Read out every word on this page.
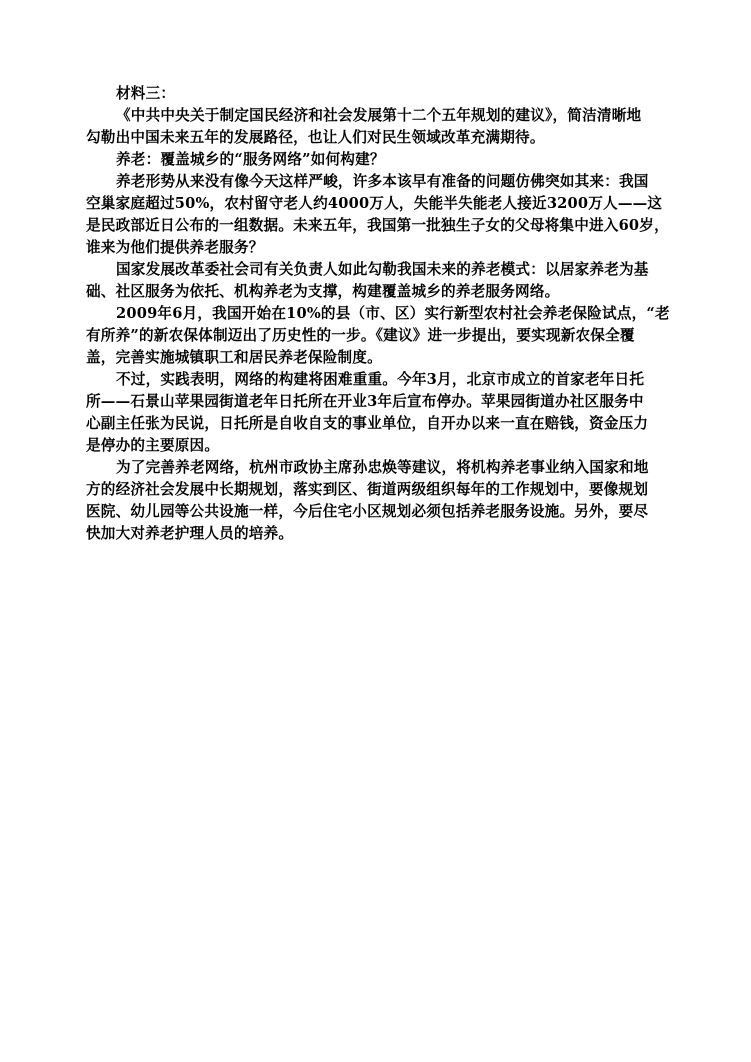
材料三：
《中共中央关于制定国民经济和社会发展第十二个五年规划的建议》，简洁清晰地
勾勒出中国未来五年的发展路径，也让人们对民生领域改革充满期待。
养老：覆盖城乡的“服务网络”如何构建？
养老形势从来没有像今天这样严峻，许多本该早有准备的问题仿佛突如其来：我国
空巢家庭超过50%，农村留守老人约4000万人，失能半失能老人接近3200万人——这
是民政部近日公布的一组数据。未来五年，我国第一批独生子女的父母将集中进入60岁，
谁来为他们提供养老服务？
国家发展改革委社会司有关负责人如此勾勒我国未来的养老模式：以居家养老为基
础、社区服务为依托、机构养老为支撑，构建覆盖城乡的养老服务网络。
2009年6月，我国开始在10%的县（市、区）实行新型农村社会养老保险试点，“老
有所养”的新农保体制迈出了历史性的一步。《建议》进一步提出，要实现新农保全覆
盖，完善实施城镇职工和居民养老保险制度。
不过，实践表明，网络的构建将困难重重。今年3月，北京市成立的首家老年日托
所——石景山苹果园街道老年日托所在开业3年后宣布停办。苹果园街道办社区服务中
心副主任张为民说，日托所是自收自支的事业单位，自开办以来一直在赔钱，资金压力
是停办的主要原因。
为了完善养老网络，杭州市政协主席孙忠焕等建议，将机构养老事业纳入国家和地
方的经济社会发展中长期规划，落实到区、街道两级组织每年的工作规划中，要像规划
医院、幼儿园等公共设施一样，今后住宅小区规划必须包括养老服务设施。另外，要尽
快加大对养老护理人员的培养。
